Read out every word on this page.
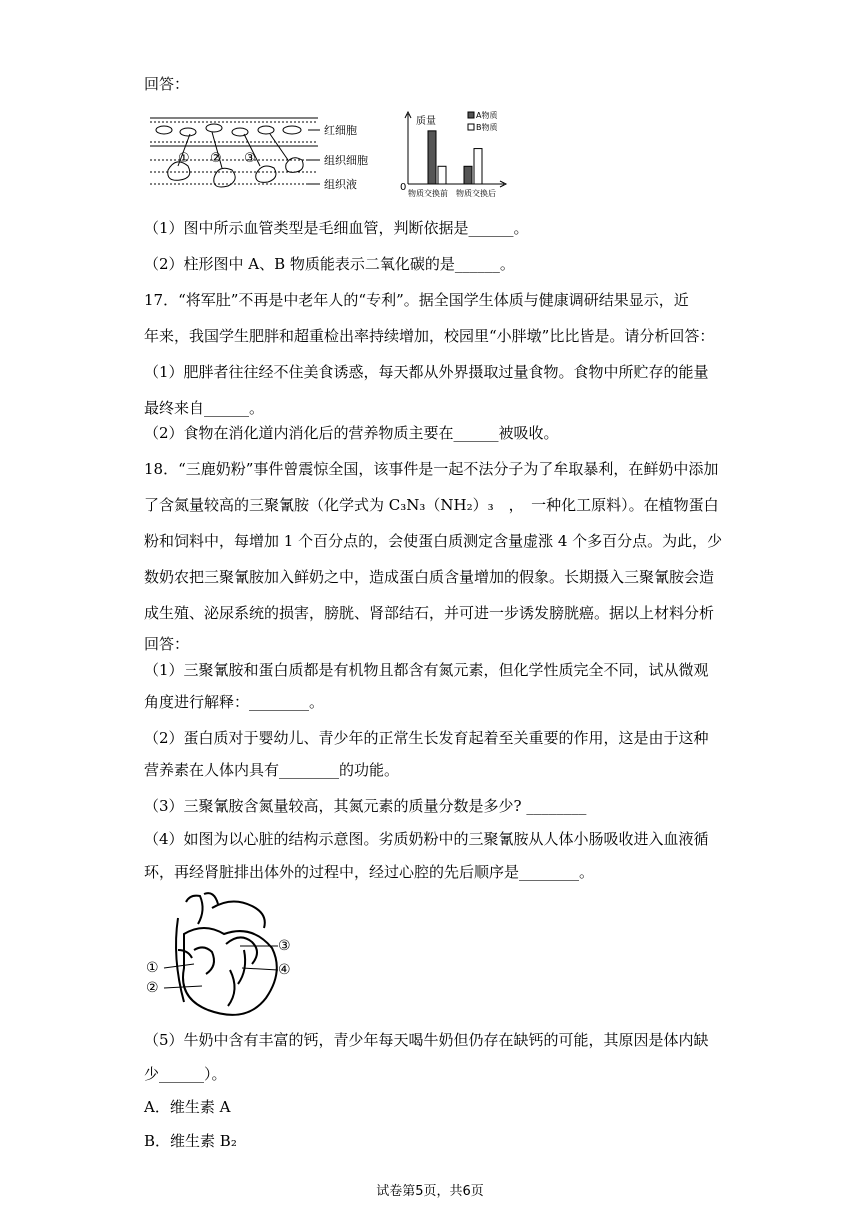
回答：
① ② ③
红细胞
组织细胞
组织液
质量
0
A物质
B物质
物质交换前 物质交换后
（1）图中所示血管类型是毛细血管，判断依据是______。
（2）柱形图中 A、B 物质能表示二氧化碳的是______。
17．“将军肚”不再是中老年人的“专利”。据全国学生体质与健康调研结果显示，近
年来，我国学生肥胖和超重检出率持续增加，校园里“小胖墩”比比皆是。请分析回答：
（1）肥胖者往往经不住美食诱惑，每天都从外界摄取过量食物。食物中所贮存的能量
最终来自______。
（2）食物在消化道内消化后的营养物质主要在______被吸收。
18．“三鹿奶粉”事件曾震惊全国，该事件是一起不法分子为了牟取暴利，在鲜奶中添加
了含氮量较高的三聚氰胺（化学式为 C₃N₃（NH₂）₃　，　一种化工原料）。在植物蛋白
粉和饲料中，每增加 1 个百分点的，会使蛋白质测定含量虚涨 4 个多百分点。为此，少
数奶农把三聚氰胺加入鲜奶之中，造成蛋白质含量增加的假象。长期摄入三聚氰胺会造
成生殖、泌尿系统的损害，膀胱、肾部结石，并可进一步诱发膀胱癌。据以上材料分析
回答：
（1）三聚氰胺和蛋白质都是有机物且都含有氮元素，但化学性质完全不同，试从微观
角度进行解释：________。
（2）蛋白质对于婴幼儿、青少年的正常生长发育起着至关重要的作用，这是由于这种
营养素在人体内具有________的功能。
（3）三聚氰胺含氮量较高，其氮元素的质量分数是多少? ________
（4）如图为以心脏的结构示意图。劣质奶粉中的三聚氰胺从人体小肠吸收进入血液循
环，再经肾脏排出体外的过程中，经过心腔的先后顺序是________。
①
②
③
④
（5）牛奶中含有丰富的钙，青少年每天喝牛奶但仍存在缺钙的可能，其原因是体内缺
少______）。
A．维生素 A
B．维生素 B₂
试卷第5页，共6页
